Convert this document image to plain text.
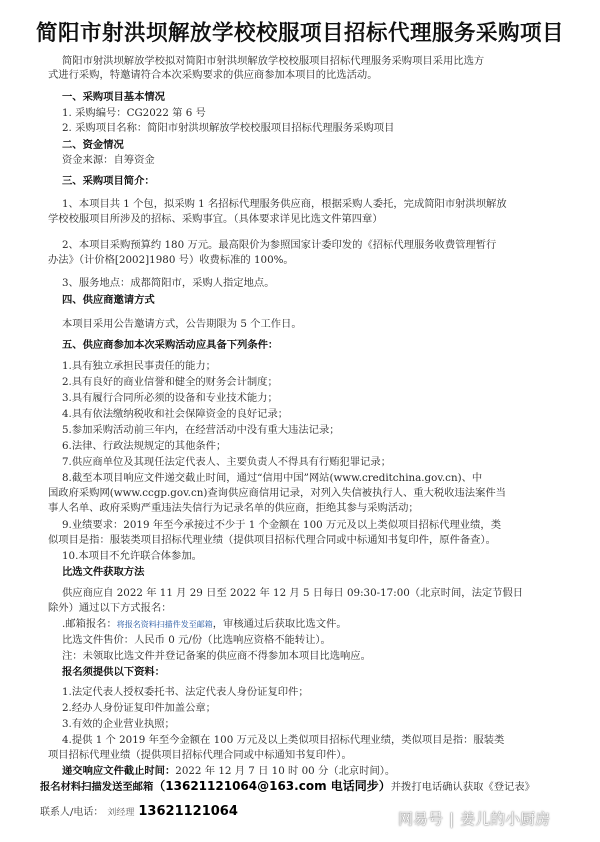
简阳市射洪坝解放学校校服项目招标代理服务采购项目
简阳市射洪坝解放学校拟对简阳市射洪坝解放学校校服项目招标代理服务采购项目采用比选方
式进行采购，特邀请符合本次采购要求的供应商参加本项目的比选活动。
一、采购项目基本情况
1. 采购编号：CG2022 第 6 号
2. 采购项目名称：简阳市射洪坝解放学校校服项目招标代理服务采购项目
二、资金情况
资金来源：自筹资金
三、采购项目简介：
1、本项目共 1 个包，拟采购 1 名招标代理服务供应商，根据采购人委托，完成简阳市射洪坝解放
学校校服项目所涉及的招标、采购事宜。（具体要求详见比选文件第四章）
2、本项目采购预算约 180 万元。最高限价为参照国家计委印发的《招标代理服务收费管理暂行
办法》（计价格[2002]1980 号）收费标准的 100%。
3、服务地点：成都简阳市，采购人指定地点。
四、供应商邀请方式
本项目采用公告邀请方式，公告期限为 5 个工作日。
五、供应商参加本次采购活动应具备下列条件：
1.具有独立承担民事责任的能力；
2.具有良好的商业信誉和健全的财务会计制度；
3.具有履行合同所必须的设备和专业技术能力；
4.具有依法缴纳税收和社会保障资金的良好记录；
5.参加采购活动前三年内，在经营活动中没有重大违法记录；
6.法律、行政法规规定的其他条件；
7.供应商单位及其现任法定代表人、主要负责人不得具有行贿犯罪记录；
8.截至本项目响应文件递交截止时间，通过“信用中国”网站(www.creditchina.gov.cn)、中
国政府采购网(www.ccgp.gov.cn)查询供应商信用记录，对列入失信被执行人、重大税收违法案件当
事人名单、政府采购严重违法失信行为记录名单的供应商，拒绝其参与采购活动；
9.业绩要求：2019 年至今承接过不少于 1 个金额在 100 万元及以上类似项目招标代理业绩，类
似项目是指：服装类项目招标代理业绩（提供项目招标代理合同或中标通知书复印件，原件备查）。
10.本项目不允许联合体参加。
比选文件获取方法
供应商应自 2022 年 11 月 29 日至 2022 年 12 月 5 日每日 09:30-17:00（北京时间，法定节假日
除外）通过以下方式报名：
.邮箱报名：将报名资料扫描件发至邮箱，审核通过后获取比选文件。
比选文件售价：人民币 0 元/份（比选响应资格不能转让）。
注：未领取比选文件并登记备案的供应商不得参加本项目比选响应。
报名须提供以下资料：
1.法定代表人授权委托书、法定代表人身份证复印件；
2.经办人身份证复印件加盖公章；
3.有效的企业营业执照；
4.提供 1 个 2019 年至今金额在 100 万元及以上类似项目招标代理业绩，类似项目是指：服装类
项目招标代理业绩（提供项目招标代理合同或中标通知书复印件）。
递交响应文件截止时间：2022 年 12 月 7 日 10 时 00 分（北京时间）。
报名材料扫描发送至邮箱（13621121064@163.com 电话同步）并拨打电话确认获取《登记表》
联系人/电话： 刘经理 13621121064	网易号 | 姜儿的小厨房
